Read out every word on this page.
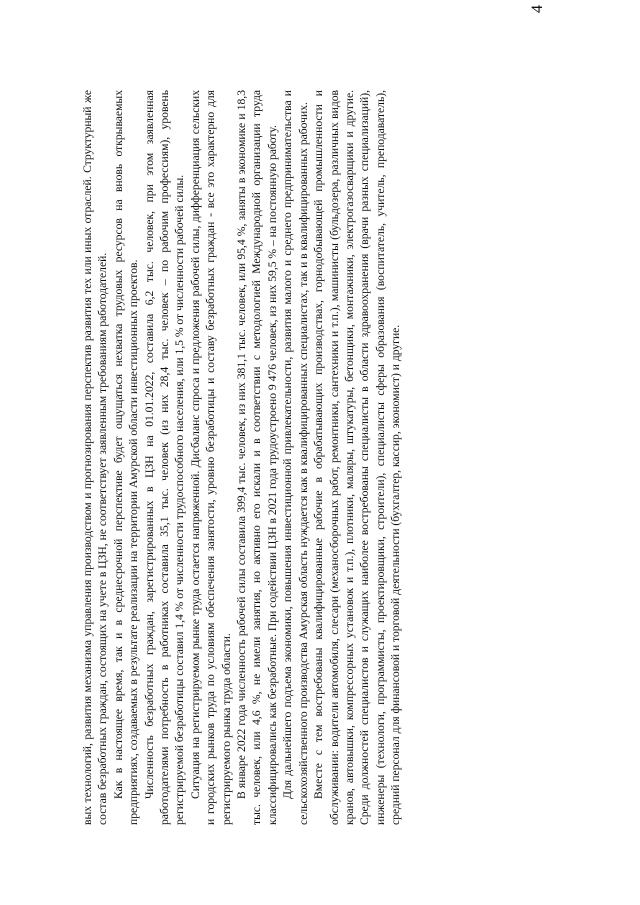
4

вых технологий, развития механизма управления производством и прогнозирования перспектив развития тех или иных отраслей. Структурный же состав безработных граждан, состоящих на учете в ЦЗН, не соответствует заявленным требованиям работодателей. Как в настоящее время, так и в среднесрочной перспективе будет ощущаться нехватка трудовых ресурсов на вновь открываемых предприятиях, создаваемых в результате реализации на территории Амурской области инвестиционных проектов. Численность безработных граждан, зарегистрированных в ЦЗН на 01.01.2022, составила 6,2 тыс. человек, при этом заявленная работодателями потребность в работниках составила 35,1 тыс. человек (из них 28,4 тыс. человек – по рабочим профессиям), уровень регистрируемой безработицы составил 1,4 % от численности трудоспособного населения, или 1,5 % от численности рабочей силы. Ситуация на регистрируемом рынке труда остается напряженной. Дисбаланс спроса и предложения рабочей силы, дифференциация сельских и городских рынков труда по условиям обеспечения занятости, уровню безработицы и составу безработных граждан - все это характерно для регистрируемого рынка труда области. В январе 2022 года численность рабочей силы составила 399,4 тыс. человек, из них 381,1 тыс. человек, или 95,4 %, заняты в экономике и 18,3 тыс. человек, или 4,6 %, не имели занятия, но активно его искали и в соответствии с методологией Международной организации труда классифицировались как безработные. При содействии ЦЗН в 2021 года трудоустроено 9 476 человек, из них 59,5 % – на постоянную работу. Для дальнейшего подъема экономики, повышения инвестиционной привлекательности, развития малого и среднего предпринимательства и сельскохозяйственного производства Амурская область нуждается как в квалифицированных специалистах, так и в квалифицированных рабочих. Вместе с тем востребованы квалифицированные рабочие в обрабатывающих производствах, горнодобывающей промышленности и обслуживании: водители автомобиля, слесари (механосборочных работ, ремонтники, сантехники и т.п.), машинисты (бульдозера, различных видов кранов, автовышки, компрессорных установок и т.п.), плотники, маляры, штукатуры, бетонщики, монтажники, электрогазосварщики и другие. Среди должностей специалистов и служащих наиболее востребованы специалисты в области здравоохранения (врачи разных специализаций), инженеры (технологи, программисты, проектировщики, строители), специалисты сферы образования (воспитатель, учитель, преподаватель), средний персонал для финансовой и торговой деятельности (бухгалтер, кассир, экономист) и другие.
